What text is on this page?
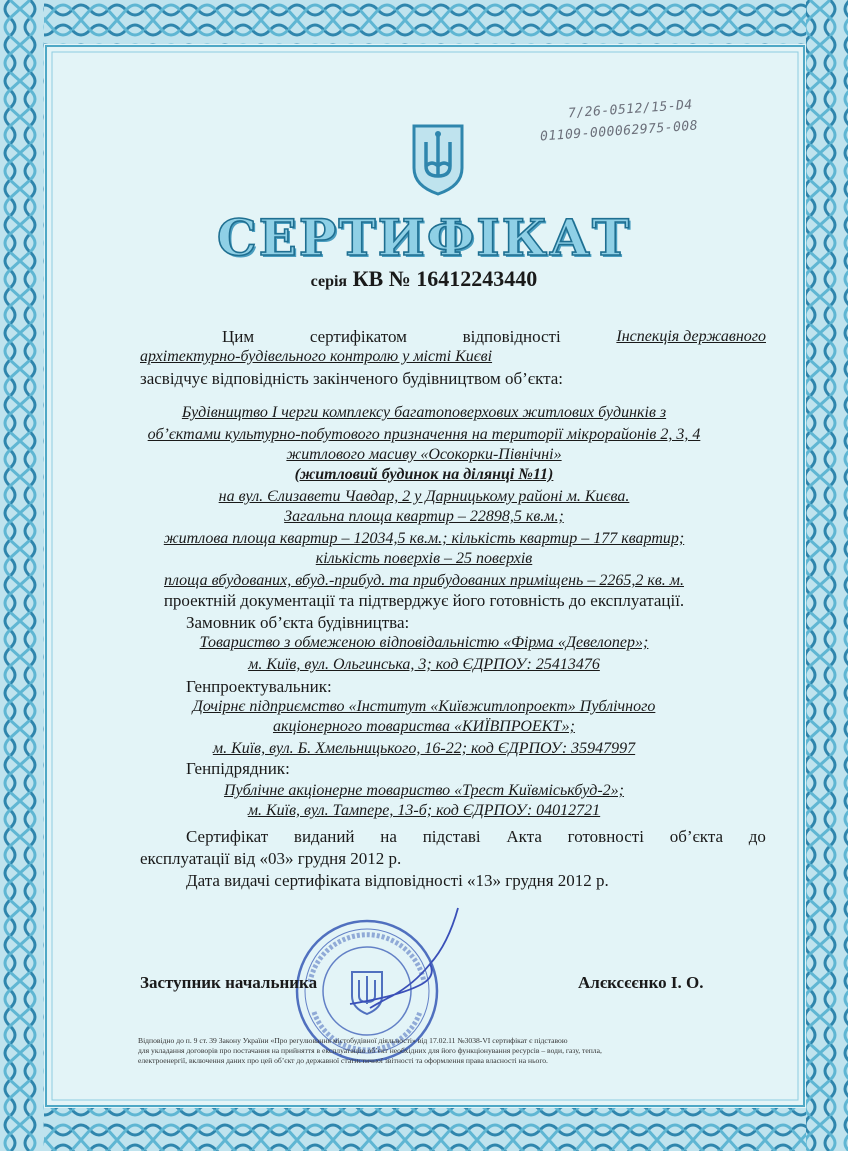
7/26-0512/15-D4
01109-000062975-008
СЕРТИФІКАТ
серія КВ № 16412243440
Цим	сертифікатом	відповідності	Інспекція державного
архітектурно-будівельного контролю у місті Києві
засвідчує відповідність закінченого будівництвом об’єкта:
Будівництво І черги комплексу багатоповерхових житлових будинків з
об’єктами культурно-побутового призначення на території мікрорайонів 2, 3, 4
житлового масиву «Осокорки-Північні»
(житловий будинок на ділянці №11)
на вул. Єлизавети Чавдар, 2 у Дарницькому районі м. Києва.
Загальна площа квартир – 22898,5 кв.м.;
житлова площа квартир – 12034,5 кв.м.; кількість квартир – 177 квартир;
кількість поверхів – 25 поверхів
площа вбудованих, вбуд.-прибуд. та прибудованих приміщень – 2265,2 кв. м.
проектній документації та підтверджує його готовність до експлуатації.
Замовник об’єкта будівництва:
Товариство з обмеженою відповідальністю «Фірма «Девелопер»;
м. Київ, вул. Ольгинська, 3; код ЄДРПОУ: 25413476
Генпроектувальник:
Дочірнє підприємство «Інститут «Київжитлопроект» Публічного
акціонерного товариства «КИЇВПРОЕКТ»;
м. Київ, вул. Б. Хмельницького, 16-22; код ЄДРПОУ: 35947997
Генпідрядник:
Публічне акціонерне товариство «Трест Київміськбуд-2»;
м. Київ, вул. Тампере, 13-б; код ЄДРПОУ: 04012721
Сертифікат виданий на підставі Акта готовності об’єкта до
експлуатації від «03» грудня 2012 р.
Дата видачі сертифіката відповідності «13» грудня 2012 р.
Заступник начальника	Алєксєєнко І. О.
Відповідно до п. 9 ст. 39 Закону України «Про регулювання містобудівної діяльності» від 17.02.11 №3038-VI сертифікат є підставою
для укладання договорів про постачання на прийняття в експлуатацію об’єкт необхідних для його функціонування ресурсів – води, газу, тепла,
електроенергії, включення даних про цей об’єкт до державної статистичної звітності та оформлення права власності на нього.
